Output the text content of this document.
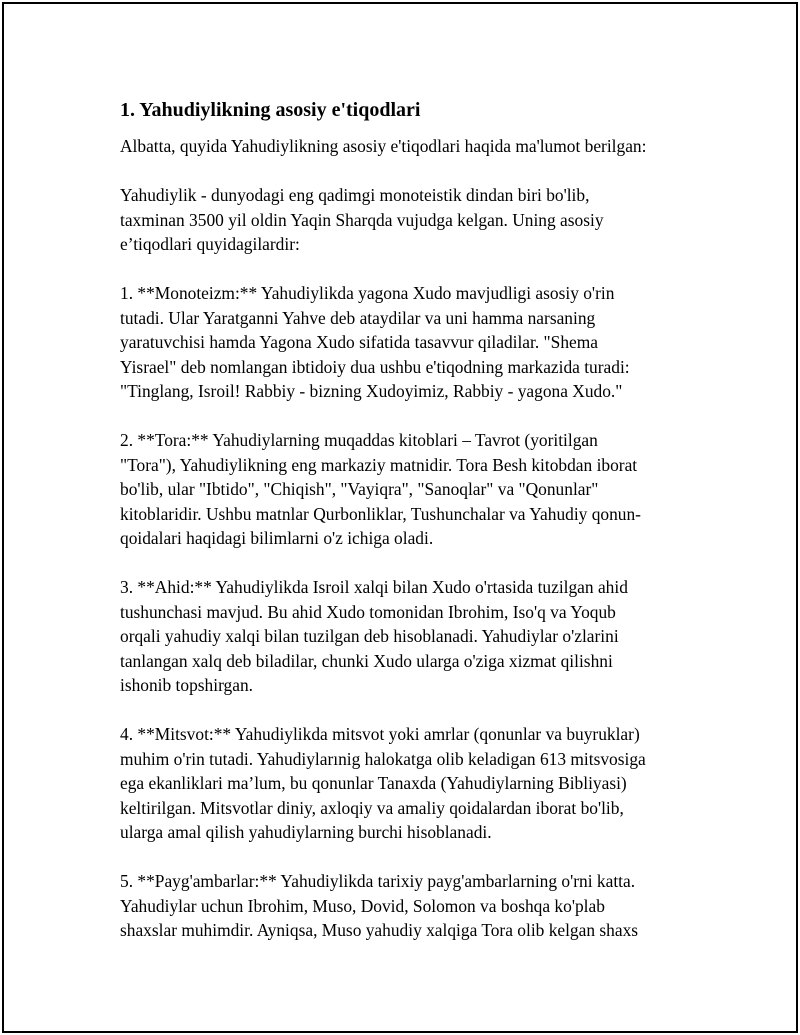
1. Yahudiylikning asosiy e'tiqodlari

Albatta, quyida Yahudiylikning asosiy e'tiqodlari haqida ma'lumot berilgan:

Yahudiylik - dunyodagi eng qadimgi monoteistik dindan biri bo'lib,
taxminan 3500 yil oldin Yaqin Sharqda vujudga kelgan. Uning asosiy
e’tiqodlari quyidagilardir:

1. **Monoteizm:** Yahudiylikda yagona Xudo mavjudligi asosiy o'rin
tutadi. Ular Yaratganni Yahve deb ataydilar va uni hamma narsaning
yaratuvchisi hamda Yagona Xudo sifatida tasavvur qiladilar. "Shema
Yisrael" deb nomlangan ibtidoiy dua ushbu e'tiqodning markazida turadi:
"Tinglang, Isroil! Rabbiy - bizning Xudoyimiz, Rabbiy - yagona Xudo."

2. **Tora:** Yahudiylarning muqaddas kitoblari – Tavrot (yoritilgan
"Tora"), Yahudiylikning eng markaziy matnidir. Tora Besh kitobdan iborat
bo'lib, ular "Ibtido", "Chiqish", "Vayiqra", "Sanoqlar" va "Qonunlar"
kitoblaridir. Ushbu matnlar Qurbonliklar, Tushunchalar va Yahudiy qonun-
qoidalari haqidagi bilimlarni o'z ichiga oladi.

3. **Ahid:** Yahudiylikda Isroil xalqi bilan Xudo o'rtasida tuzilgan ahid
tushunchasi mavjud. Bu ahid Xudo tomonidan Ibrohim, Iso'q va Yoqub
orqali yahudiy xalqi bilan tuzilgan deb hisoblanadi. Yahudiylar o'zlarini
tanlangan xalq deb biladilar, chunki Xudo ularga o'ziga xizmat qilishni
ishonib topshirgan.

4. **Mitsvot:** Yahudiylikda mitsvot yoki amrlar (qonunlar va buyruklar)
muhim o'rin tutadi. Yahudiylarınig halokatga olib keladigan 613 mitsvosiga
ega ekanliklari ma’lum, bu qonunlar Tanaxda (Yahudiylarning Bibliyasi)
keltirilgan. Mitsvotlar diniy, axloqiy va amaliy qoidalardan iborat bo'lib,
ularga amal qilish yahudiylarning burchi hisoblanadi.

5. **Payg'ambarlar:** Yahudiylikda tarixiy payg'ambarlarning o'rni katta.
Yahudiylar uchun Ibrohim, Muso, Dovid, Solomon va boshqa ko'plab
shaxslar muhimdir. Ayniqsa, Muso yahudiy xalqiga Tora olib kelgan shaxs
